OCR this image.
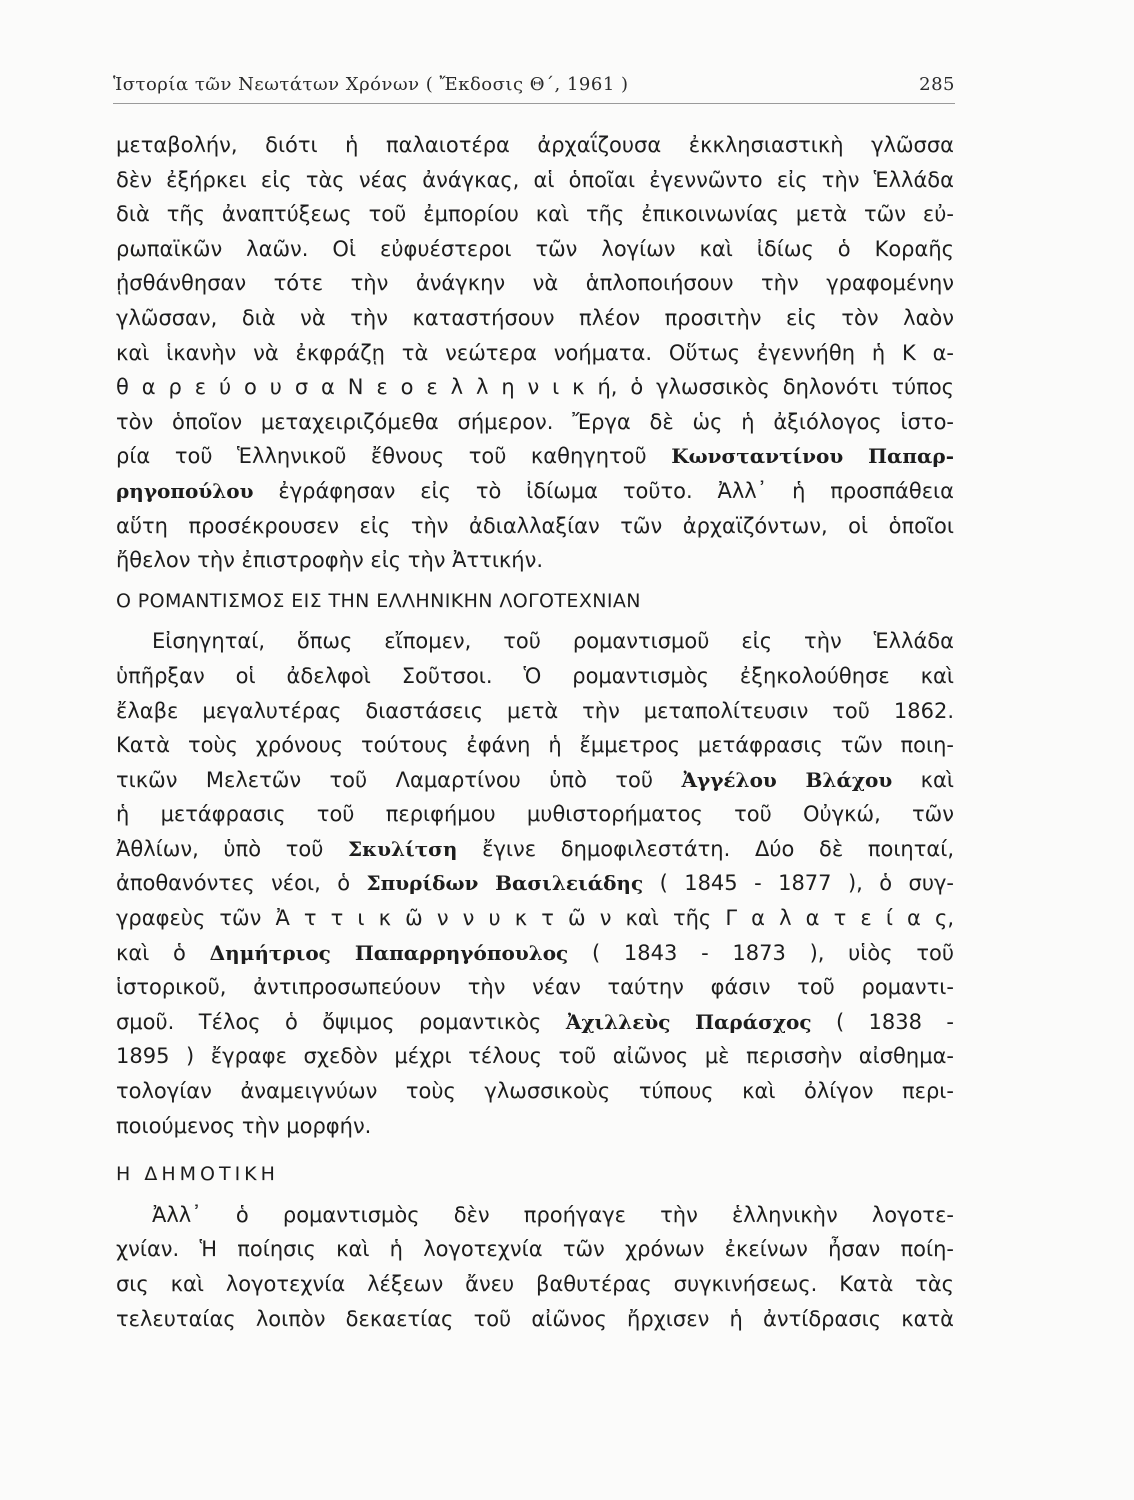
Ἱστορία τῶν Νεωτάτων Χρόνων ( Ἔκδοσις Θ΄, 1961 )	285
μεταβολήν, διότι ἡ παλαιοτέρα ἀρχαΐζουσα ἐκκλησιαστικὴ γλῶσσα
δὲν ἐξήρκει εἰς τὰς νέας ἀνάγκας, αἱ ὁποῖαι ἐγεννῶντο εἰς τὴν Ἑλλάδα
διὰ τῆς ἀναπτύξεως τοῦ ἐμπορίου καὶ τῆς ἐπικοινωνίας μετὰ τῶν εὐ-
ρωπαϊκῶν λαῶν. Οἱ εὐφυέστεροι τῶν λογίων καὶ ἰδίως ὁ Κοραῆς
ᾐσθάνθησαν τότε τὴν ἀνάγκην νὰ ἁπλοποιήσουν τὴν γραφομένην
γλῶσσαν, διὰ νὰ τὴν καταστήσουν πλέον προσιτὴν εἰς τὸν λαὸν
καὶ ἱκανὴν νὰ ἐκφράζῃ τὰ νεώτερα νοήματα. Οὕτως ἐγεννήθη ἡ Κ α-
θ α ρ ε ύ ο υ σ α Ν ε ο ε λ λ η ν ι κ ή, ὁ γλωσσικὸς δηλονότι τύπος
τὸν ὁποῖον μεταχειριζόμεθα σήμερον. Ἔργα δὲ ὡς ἡ ἀξιόλογος ἱστο-
ρία τοῦ Ἑλληνικοῦ ἔθνους τοῦ καθηγητοῦ Κωνσταντίνου Παπαρ-
ρηγοπούλου ἐγράφησαν εἰς τὸ ἰδίωμα τοῦτο. Ἀλλ᾽ ἡ προσπάθεια
αὕτη προσέκρουσεν εἰς τὴν ἀδιαλλαξίαν τῶν ἀρχαϊζόντων, οἱ ὁποῖοι
ἤθελον τὴν ἐπιστροφὴν εἰς τὴν Ἀττικήν.
Ο ΡΟΜΑΝΤΙΣΜΟΣ ΕΙΣ ΤΗΝ ΕΛΛΗΝΙΚΗΝ ΛΟΓΟΤΕΧΝΙΑΝ
Εἰσηγηταί, ὅπως εἴπομεν, τοῦ ρομαντισμοῦ εἰς τὴν Ἑλλάδα
ὑπῆρξαν οἱ ἀδελφοὶ Σοῦτσοι. Ὁ ρομαντισμὸς ἐξηκολούθησε καὶ
ἔλαβε μεγαλυτέρας διαστάσεις μετὰ τὴν μεταπολίτευσιν τοῦ 1862.
Κατὰ τοὺς χρόνους τούτους ἐφάνη ἡ ἔμμετρος μετάφρασις τῶν ποιη-
τικῶν Μελετῶν τοῦ Λαμαρτίνου ὑπὸ τοῦ Ἀγγέλου Βλάχου καὶ
ἡ μετάφρασις τοῦ περιφήμου μυθιστορήματος τοῦ Οὐγκώ, τῶν
Ἀθλίων, ὑπὸ τοῦ Σκυλίτση ἔγινε δημοφιλεστάτη. Δύο δὲ ποιηταί,
ἀποθανόντες νέοι, ὁ Σπυρίδων Βασιλειάδης ( 1845 - 1877 ), ὁ συγ-
γραφεὺς τῶν Ἀ τ τ ι κ ῶ ν ν υ κ τ ῶ ν καὶ τῆς Γ α λ α τ ε ί α ς,
καὶ ὁ Δημήτριος Παπαρρηγόπουλος ( 1843 - 1873 ), υἱὸς τοῦ
ἱστορικοῦ, ἀντιπροσωπεύουν τὴν νέαν ταύτην φάσιν τοῦ ρομαντι-
σμοῦ. Τέλος ὁ ὄψιμος ρομαντικὸς Ἀχιλλεὺς Παράσχος ( 1838 -
1895 ) ἔγραφε σχεδὸν μέχρι τέλους τοῦ αἰῶνος μὲ περισσὴν αἰσθημα-
τολογίαν ἀναμειγνύων τοὺς γλωσσικοὺς τύπους καὶ ὀλίγον περι-
ποιούμενος τὴν μορφήν.
Η ΔΗΜΟΤΙΚΗ
Ἀλλ᾽ ὁ ρομαντισμὸς δὲν προήγαγε τὴν ἑλληνικὴν λογοτε-
χνίαν. Ἡ ποίησις καὶ ἡ λογοτεχνία τῶν χρόνων ἐκείνων ἦσαν ποίη-
σις καὶ λογοτεχνία λέξεων ἄνευ βαθυτέρας συγκινήσεως. Κατὰ τὰς
τελευταίας λοιπὸν δεκαετίας τοῦ αἰῶνος ἤρχισεν ἡ ἀντίδρασις κατὰ
